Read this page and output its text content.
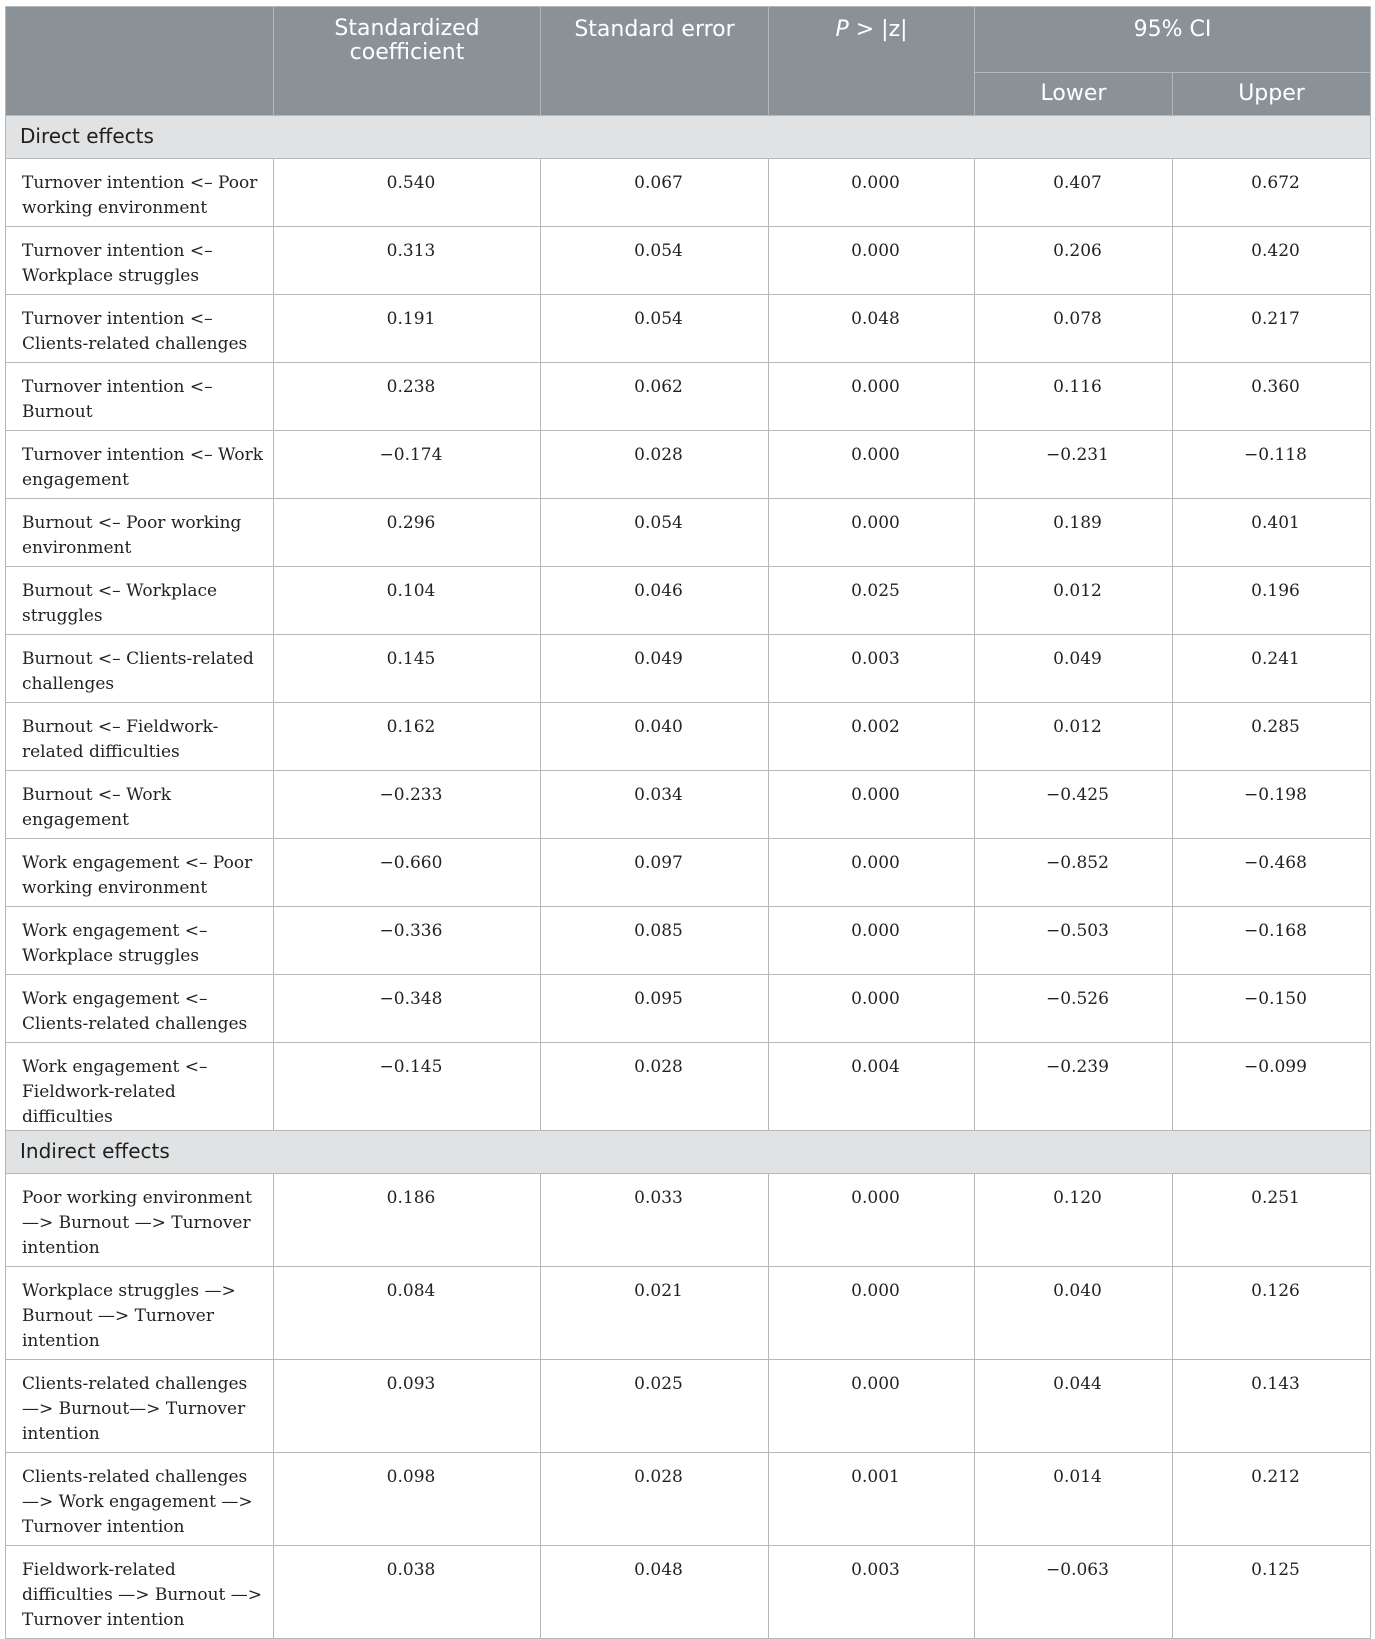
	Standardized coefficient	Standard error	P > |z|	95% CI	
				Lower	Upper
Direct effects					
Turnover intention <– Poor working environment	0.540	0.067	0.000	0.407	0.672
Turnover intention <– Workplace struggles	0.313	0.054	0.000	0.206	0.420
Turnover intention <– Clients-related challenges	0.191	0.054	0.048	0.078	0.217
Turnover intention <– Burnout	0.238	0.062	0.000	0.116	0.360
Turnover intention <– Work engagement	−0.174	0.028	0.000	−0.231	−0.118
Burnout <– Poor working environment	0.296	0.054	0.000	0.189	0.401
Burnout <– Workplace struggles	0.104	0.046	0.025	0.012	0.196
Burnout <– Clients-related challenges	0.145	0.049	0.003	0.049	0.241
Burnout <– Fieldwork-related difficulties	0.162	0.040	0.002	0.012	0.285
Burnout <– Work engagement	−0.233	0.034	0.000	−0.425	−0.198
Work engagement <– Poor working environment	−0.660	0.097	0.000	−0.852	−0.468
Work engagement <– Workplace struggles	−0.336	0.085	0.000	−0.503	−0.168
Work engagement <– Clients-related challenges	−0.348	0.095	0.000	−0.526	−0.150
Work engagement <– Fieldwork-related difficulties	−0.145	0.028	0.004	−0.239	−0.099
Indirect effects					
Poor working environment —> Burnout —> Turnover intention	0.186	0.033	0.000	0.120	0.251
Workplace struggles —> Burnout —> Turnover intention	0.084	0.021	0.000	0.040	0.126
Clients-related challenges —> Burnout—> Turnover intention	0.093	0.025	0.000	0.044	0.143
Clients-related challenges —> Work engagement —> Turnover intention	0.098	0.028	0.001	0.014	0.212
Fieldwork-related difficulties —> Burnout —> Turnover intention	0.038	0.048	0.003	−0.063	0.125
